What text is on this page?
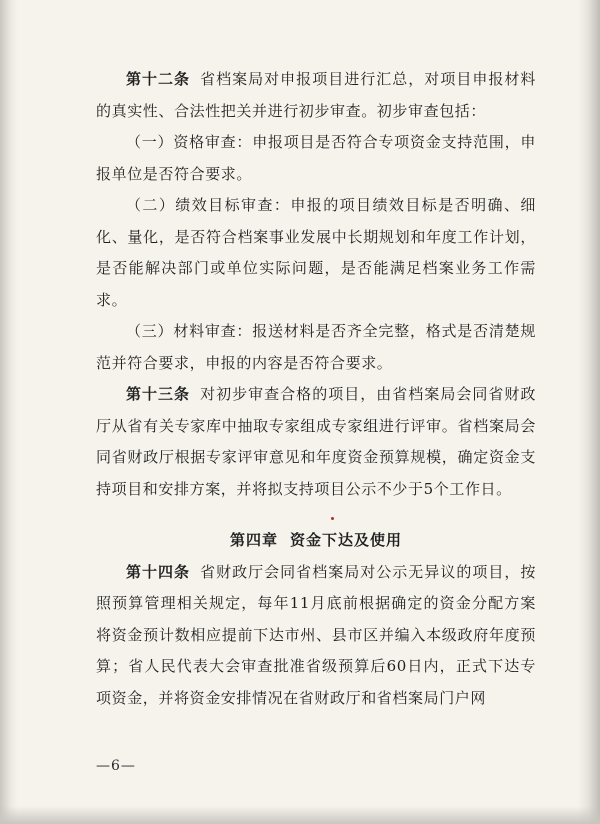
第十二条 省档案局对申报项目进行汇总，对项目申报材料的真实性、合法性把关并进行初步审查。初步审查包括：

（一）资格审查：申报项目是否符合专项资金支持范围，申报单位是否符合要求。

（二）绩效目标审查：申报的项目绩效目标是否明确、细化、量化，是否符合档案事业发展中长期规划和年度工作计划，是否能解决部门或单位实际问题，是否能满足档案业务工作需求。

（三）材料审查：报送材料是否齐全完整，格式是否清楚规范并符合要求，申报的内容是否符合要求。

第十三条 对初步审查合格的项目，由省档案局会同省财政厅从省有关专家库中抽取专家组成专家组进行评审。省档案局会同省财政厅根据专家评审意见和年度资金预算规模，确定资金支持项目和安排方案，并将拟支持项目公示不少于5个工作日。

第四章 资金下达及使用

第十四条 省财政厅会同省档案局对公示无异议的项目，按照预算管理相关规定，每年11月底前根据确定的资金分配方案将资金预计数相应提前下达市州、县市区并编入本级政府年度预算；省人民代表大会审查批准省级预算后60日内，正式下达专项资金，并将资金安排情况在省财政厅和省档案局门户网

—6—
